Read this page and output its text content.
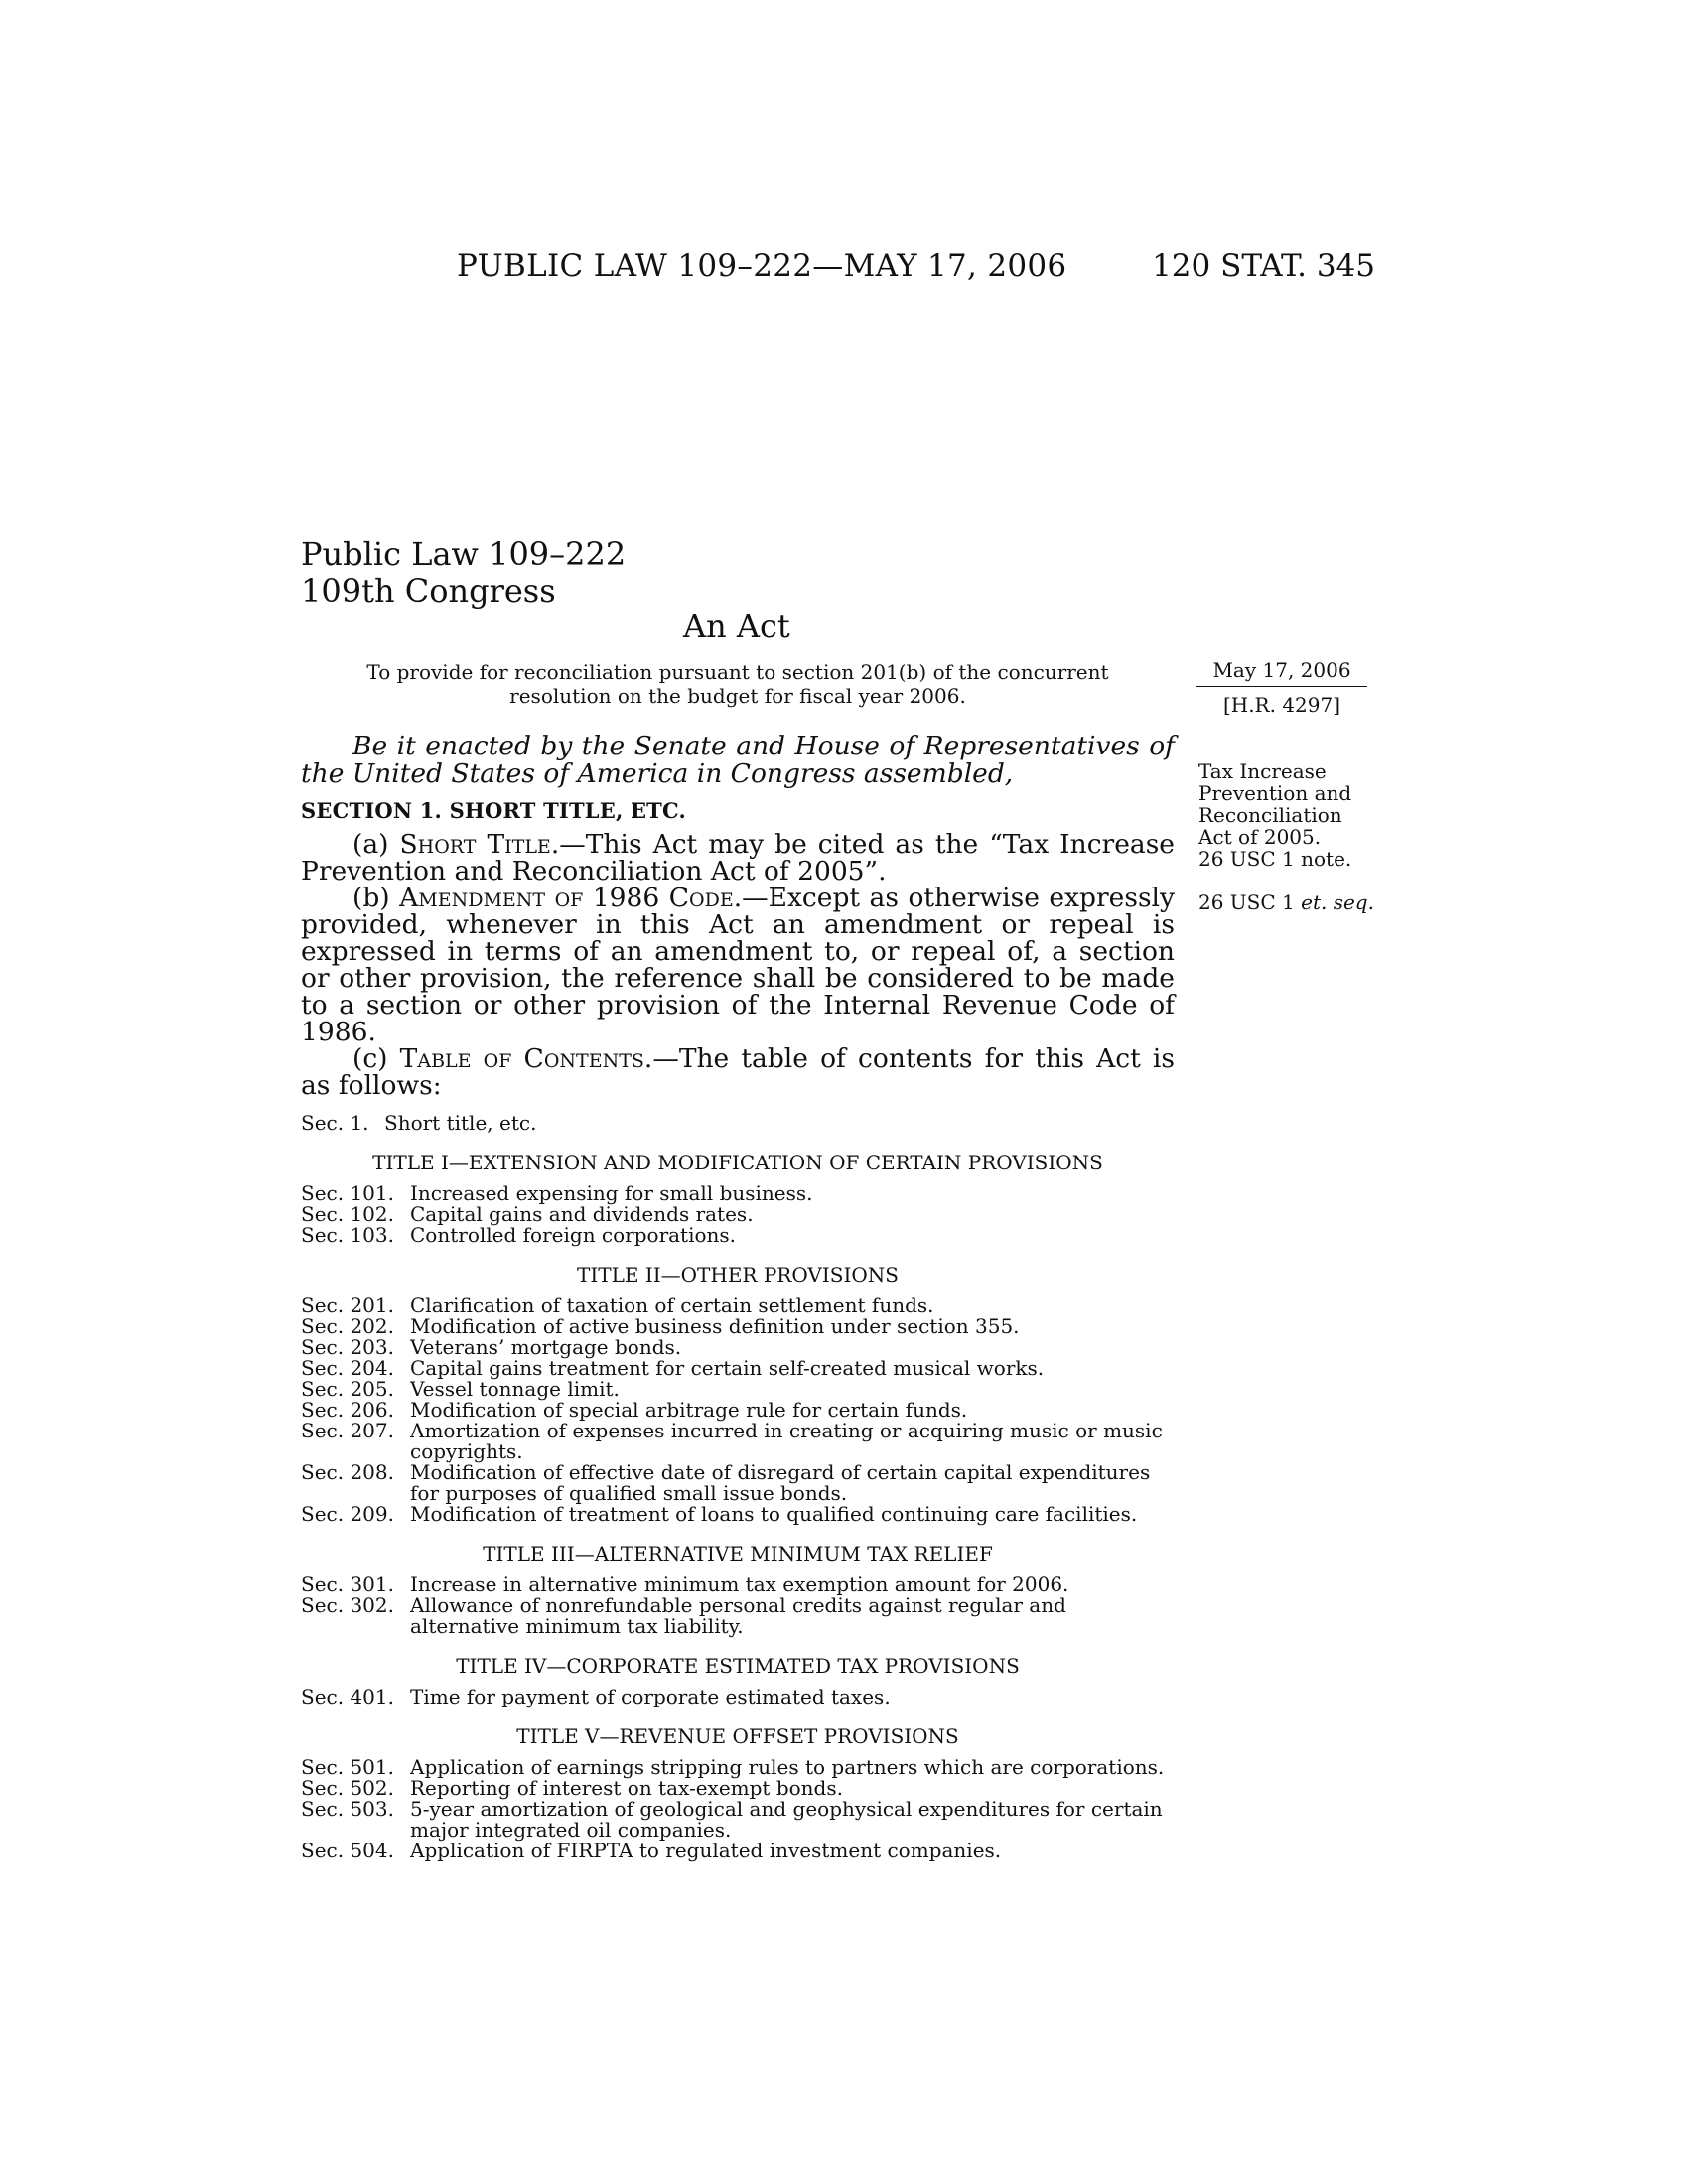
PUBLIC LAW 109–222—MAY 17, 2006	120 STAT. 345
Public Law 109–222
109th Congress
An Act
To provide for reconciliation pursuant to section 201(b) of the concurrent resolution on the budget for fiscal year 2006.
May 17, 2006
[H.R. 4297]
Tax Increase
Prevention and
Reconciliation
Act of 2005.
26 USC 1 note.
26 USC 1 et. seq.

Be it enacted by the Senate and House of Representatives of the United States of America in Congress assembled,

SECTION 1. SHORT TITLE, ETC.

(a) Short Title.—This Act may be cited as the “Tax Increase Prevention and Reconciliation Act of 2005”.

(b) Amendment of 1986 Code.—Except as otherwise expressly provided, whenever in this Act an amendment or repeal is expressed in terms of an amendment to, or repeal of, a section or other provision, the reference shall be considered to be made to a section or other provision of the Internal Revenue Code of 1986.

(c) Table of Contents.—The table of contents for this Act is as follows:

Sec. 1. Short title, etc.
TITLE I—EXTENSION AND MODIFICATION OF CERTAIN PROVISIONS
Sec. 101. Increased expensing for small business.
Sec. 102. Capital gains and dividends rates.
Sec. 103. Controlled foreign corporations.
TITLE II—OTHER PROVISIONS
Sec. 201. Clarification of taxation of certain settlement funds.
Sec. 202. Modification of active business definition under section 355.
Sec. 203. Veterans’ mortgage bonds.
Sec. 204. Capital gains treatment for certain self-created musical works.
Sec. 205. Vessel tonnage limit.
Sec. 206. Modification of special arbitrage rule for certain funds.
Sec. 207. Amortization of expenses incurred in creating or acquiring music or music copyrights.
Sec. 208. Modification of effective date of disregard of certain capital expenditures for purposes of qualified small issue bonds.
Sec. 209. Modification of treatment of loans to qualified continuing care facilities.
TITLE III—ALTERNATIVE MINIMUM TAX RELIEF
Sec. 301. Increase in alternative minimum tax exemption amount for 2006.
Sec. 302. Allowance of nonrefundable personal credits against regular and alternative minimum tax liability.
TITLE IV—CORPORATE ESTIMATED TAX PROVISIONS
Sec. 401. Time for payment of corporate estimated taxes.
TITLE V—REVENUE OFFSET PROVISIONS
Sec. 501. Application of earnings stripping rules to partners which are corporations.
Sec. 502. Reporting of interest on tax-exempt bonds.
Sec. 503. 5-year amortization of geological and geophysical expenditures for certain major integrated oil companies.
Sec. 504. Application of FIRPTA to regulated investment companies.
